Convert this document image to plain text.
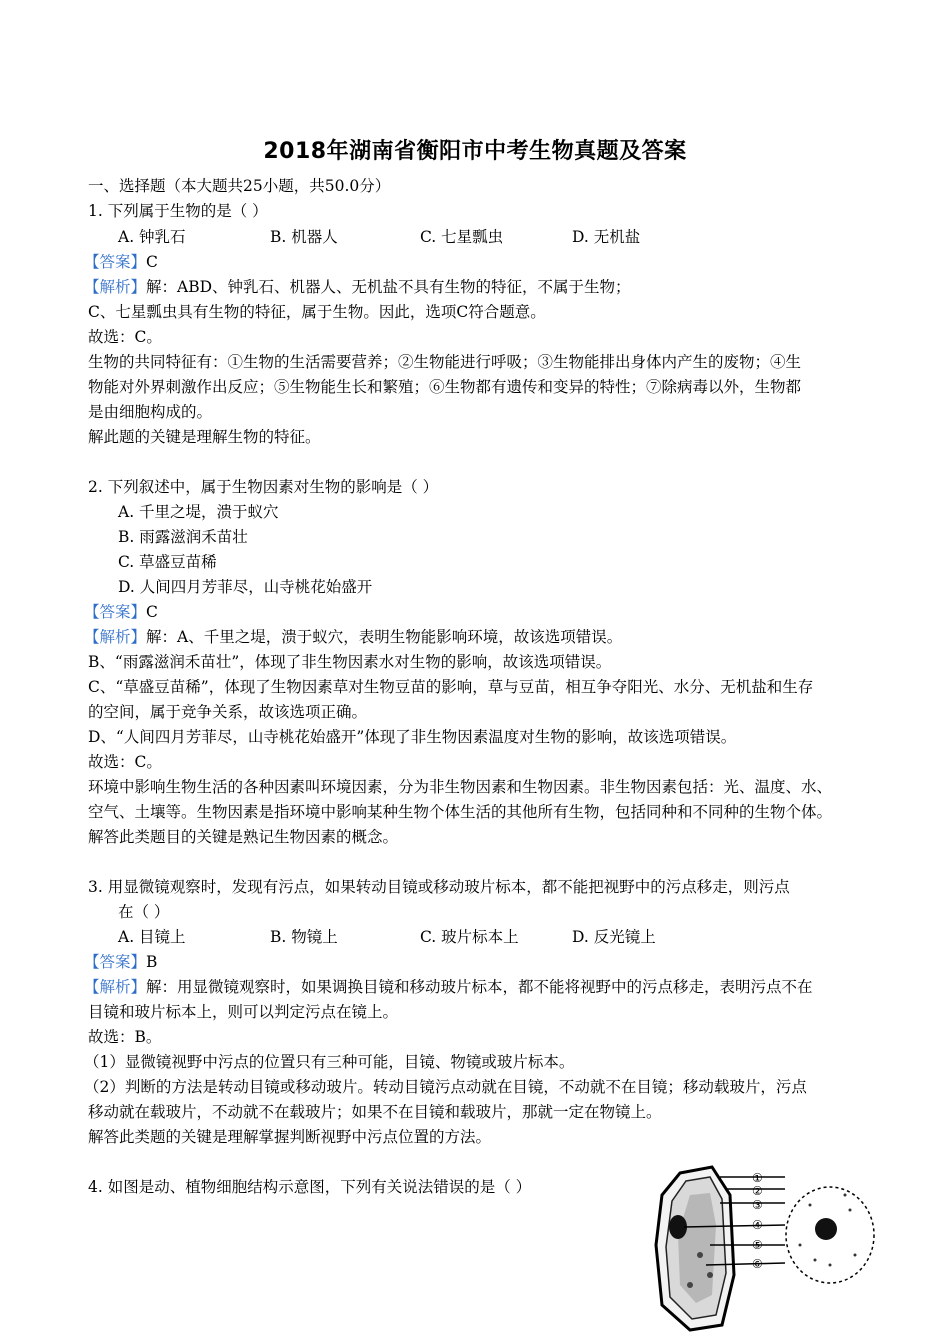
2018年湖南省衡阳市中考生物真题及答案
一、选择题（本大题共25小题，共50.0分）
1. 下列属于生物的是（ ）
A. 钟乳石	B. 机器人	C. 七星瓢虫	D. 无机盐
【答案】C
【解析】解：ABD、钟乳石、机器人、无机盐不具有生物的特征，不属于生物；
C、七星瓢虫具有生物的特征，属于生物。因此，选项C符合题意。
故选：C。
生物的共同特征有：①生物的生活需要营养；②生物能进行呼吸；③生物能排出身体内产生的废物；④生
物能对外界刺激作出反应；⑤生物能生长和繁殖；⑥生物都有遗传和变异的特性；⑦除病毒以外，生物都
是由细胞构成的。
解此题的关键是理解生物的特征。
2. 下列叙述中，属于生物因素对生物的影响是（ ）
A. 千里之堤，溃于蚁穴
B. 雨露滋润禾苗壮
C. 草盛豆苗稀
D. 人间四月芳菲尽，山寺桃花始盛开
【答案】C
【解析】解：A、千里之堤，溃于蚁穴，表明生物能影响环境，故该选项错误。
B、“雨露滋润禾苗壮”，体现了非生物因素水对生物的影响，故该选项错误。
C、“草盛豆苗稀”，体现了生物因素草对生物豆苗的影响，草与豆苗，相互争夺阳光、水分、无机盐和生存
的空间，属于竞争关系，故该选项正确。
D、“人间四月芳菲尽，山寺桃花始盛开”体现了非生物因素温度对生物的影响，故该选项错误。
故选：C。
环境中影响生物生活的各种因素叫环境因素，分为非生物因素和生物因素。非生物因素包括：光、温度、水、
空气、土壤等。生物因素是指环境中影响某种生物个体生活的其他所有生物，包括同种和不同种的生物个体。
解答此类题目的关键是熟记生物因素的概念。
3. 用显微镜观察时，发现有污点，如果转动目镜或移动玻片标本，都不能把视野中的污点移走，则污点
在（ ）
A. 目镜上	B. 物镜上	C. 玻片标本上	D. 反光镜上
【答案】B
【解析】解：用显微镜观察时，如果调换目镜和移动玻片标本，都不能将视野中的污点移走，表明污点不在
目镜和玻片标本上，则可以判定污点在镜上。
故选：B。
（1）显微镜视野中污点的位置只有三种可能，目镜、物镜或玻片标本。
（2）判断的方法是转动目镜或移动玻片。转动目镜污点动就在目镜，不动就不在目镜；移动载玻片，污点
移动就在载玻片，不动就不在载玻片；如果不在目镜和载玻片，那就一定在物镜上。
解答此类题的关键是理解掌握判断视野中污点位置的方法。
4. 如图是动、植物细胞结构示意图，下列有关说法错误的是（ ）	①
②
③
④
⑤
⑥
